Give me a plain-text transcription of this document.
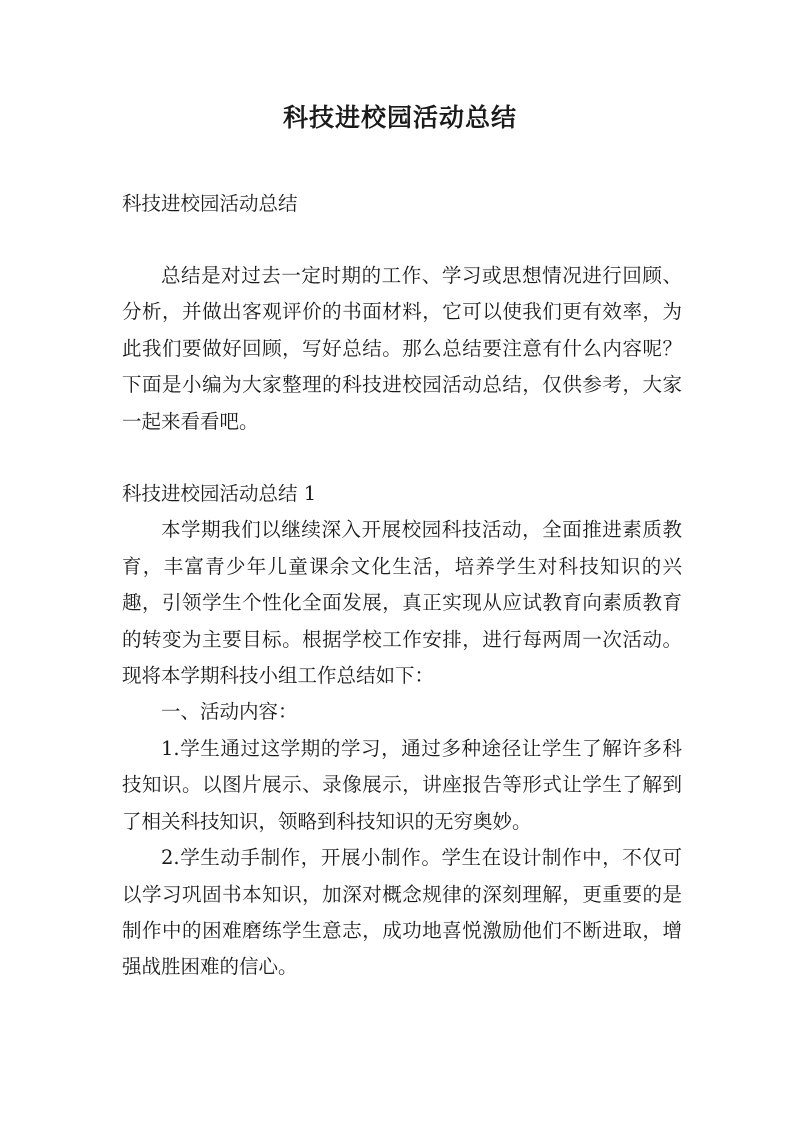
科技进校园活动总结

科技进校园活动总结

总结是对过去一定时期的工作、学习或思想情况进行回顾、分析，并做出客观评价的书面材料，它可以使我们更有效率，为此我们要做好回顾，写好总结。那么总结要注意有什么内容呢？下面是小编为大家整理的科技进校园活动总结，仅供参考，大家一起来看看吧。

科技进校园活动总结 1

本学期我们以继续深入开展校园科技活动，全面推进素质教育，丰富青少年儿童课余文化生活，培养学生对科技知识的兴趣，引领学生个性化全面发展，真正实现从应试教育向素质教育的转变为主要目标。根据学校工作安排，进行每两周一次活动。现将本学期科技小组工作总结如下：

一、活动内容：

1.学生通过这学期的学习，通过多种途径让学生了解许多科技知识。以图片展示、录像展示，讲座报告等形式让学生了解到了相关科技知识，领略到科技知识的无穷奥妙。

2.学生动手制作，开展小制作。学生在设计制作中，不仅可以学习巩固书本知识，加深对概念规律的深刻理解，更重要的是制作中的困难磨练学生意志，成功地喜悦激励他们不断进取，增强战胜困难的信心。
